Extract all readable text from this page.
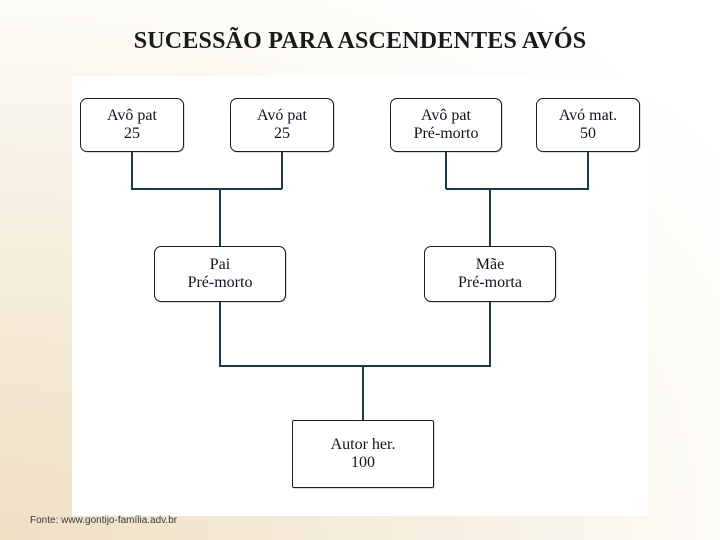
SUCESSÃO PARA ASCENDENTES AVÓS
Avô pat
25
Avó pat
25
Avô pat
Pré-morto
Avó mat.
50
Pai
Pré-morto
Mãe
Pré-morta
Autor her.
100
Fonte: www.gontijo-família.adv.br
